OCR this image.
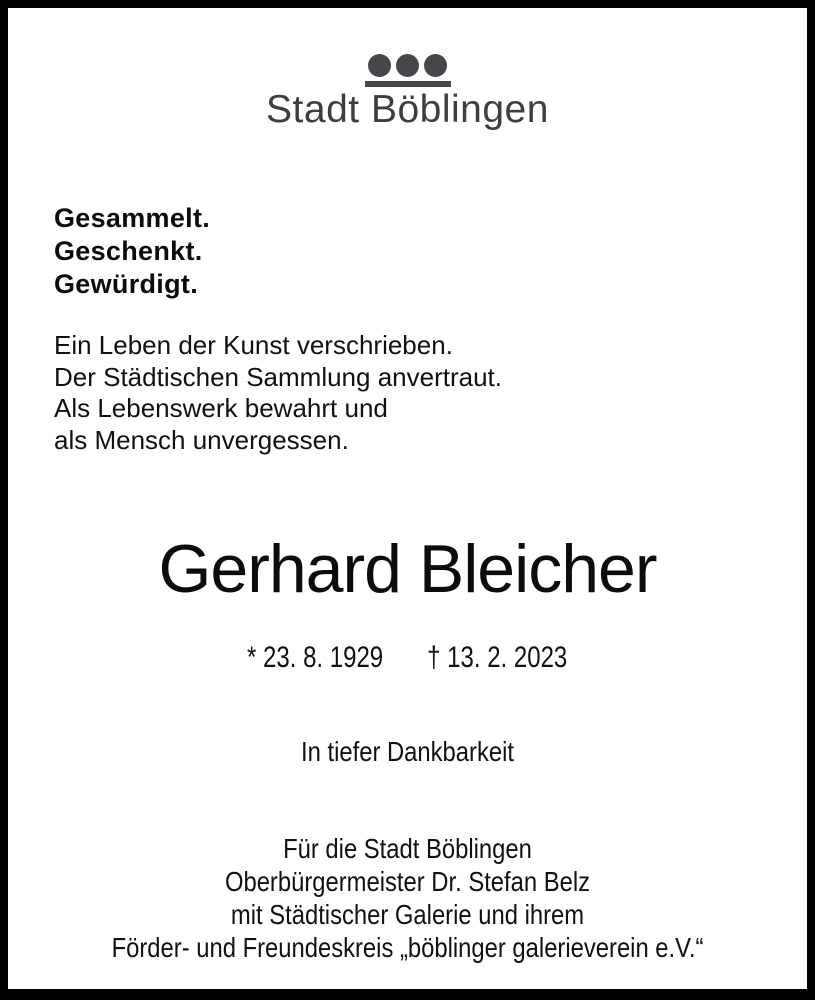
Stadt Böblingen
Gesammelt.
Geschenkt.
Gewürdigt.
Ein Leben der Kunst verschrieben.
Der Städtischen Sammlung anvertraut.
Als Lebenswerk bewahrt und
als Mensch unvergessen.
Gerhard Bleicher
* 23. 8. 1929 † 13. 2. 2023
In tiefer Dankbarkeit
Für die Stadt Böblingen
Oberbürgermeister Dr. Stefan Belz
mit Städtischer Galerie und ihrem
Förder- und Freundeskreis „böblinger galerieverein e.V.“
